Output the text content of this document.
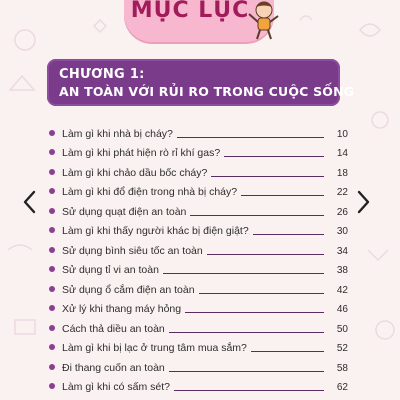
MỤC LỤC
CHƯƠNG 1:
AN TOÀN VỚI RỦI RO TRONG CUỘC SỐNG
Làm gì khi nhà bị cháy?	10
Làm gì khi phát hiện rò rỉ khí gas?	14
Làm gì khi chảo dầu bốc cháy?	18
Làm gì khi đổ điện trong nhà bị cháy?	22
Sử dụng quạt điện an toàn	26
Làm gì khi thấy người khác bị điện giật?	30
Sử dụng bình siêu tốc an toàn	34
Sử dụng tỉ vi an toàn	38
Sử dụng ổ cắm điện an toàn	42
Xử lý khi thang máy hỏng	46
Cách thả diều an toàn	50
Làm gì khi bị lạc ở trung tâm mua sắm?	52
Đi thang cuốn an toàn	58
Làm gì khi có sấm sét?	62
